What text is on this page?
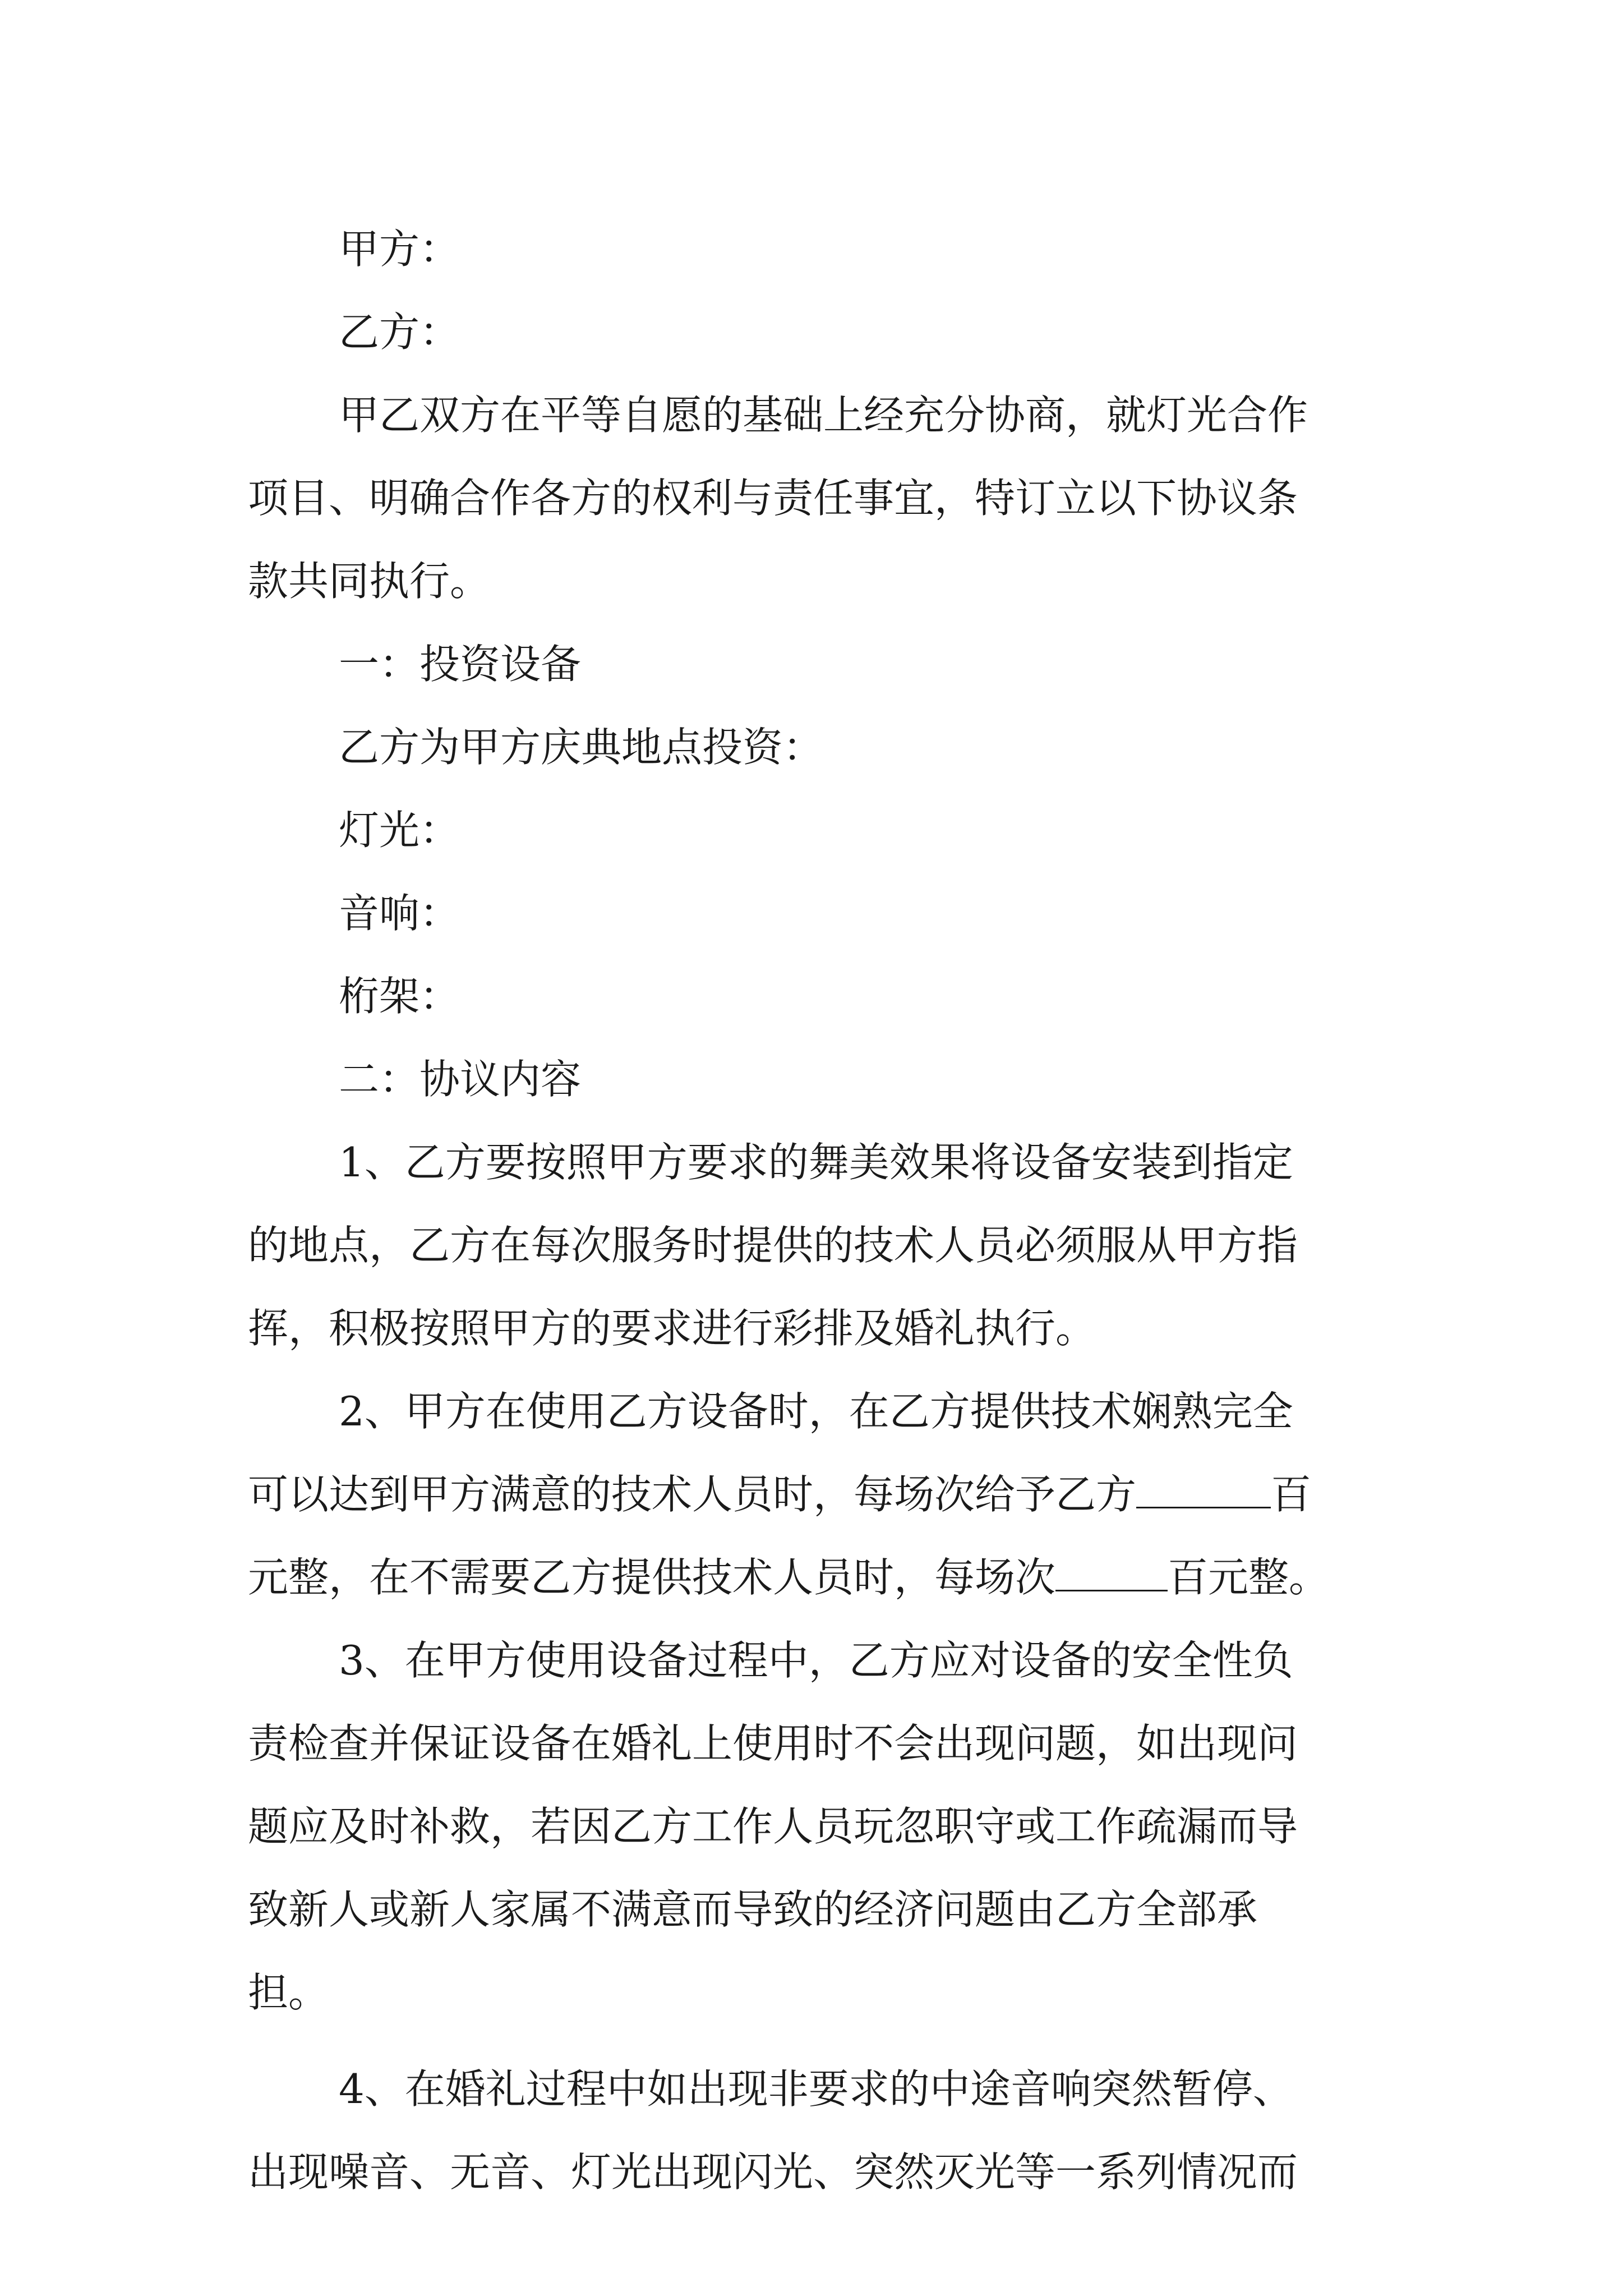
甲方：
乙方：
甲乙双方在平等自愿的基础上经充分协商，就灯光合作
项目、明确合作各方的权利与责任事宜，特订立以下协议条
款共同执行。
一：投资设备
乙方为甲方庆典地点投资：
灯光：
音响：
桁架：
二：协议内容
1、乙方要按照甲方要求的舞美效果将设备安装到指定
的地点，乙方在每次服务时提供的技术人员必须服从甲方指
挥，积极按照甲方的要求进行彩排及婚礼执行。
2、甲方在使用乙方设备时，在乙方提供技术娴熟完全
可以达到甲方满意的技术人员时，每场次给予乙方	百
元整，在不需要乙方提供技术人员时，每场次	百元整。
3、在甲方使用设备过程中，乙方应对设备的安全性负
责检查并保证设备在婚礼上使用时不会出现问题，如出现问
题应及时补救，若因乙方工作人员玩忽职守或工作疏漏而导
致新人或新人家属不满意而导致的经济问题由乙方全部承
担。
4、在婚礼过程中如出现非要求的中途音响突然暂停、
出现噪音、无音、灯光出现闪光、突然灭光等一系列情况而
